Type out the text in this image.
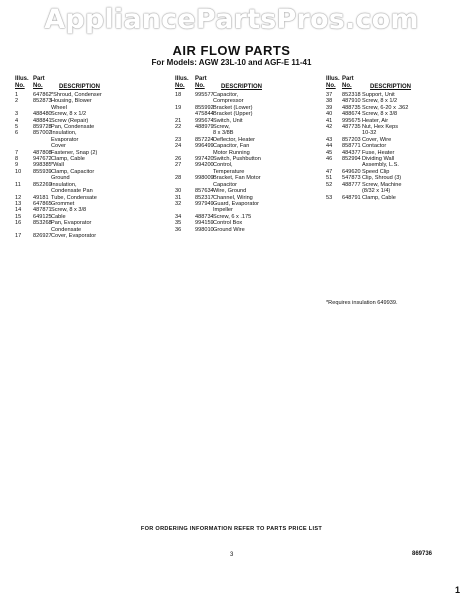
AppliancePartsPros.com
AIR FLOW PARTS
For Models: AGW 23L-10 and AGF-E 11-41
Illus.
No.
Part
No.	DESCRIPTION
1	647862 *Shroud, Condenser
2	852873 Housing, Blower
Wheel
3	488480 Screw, 8 x 1/2
4	488841 Screw (Repair)
5	859728 Pan, Condensate
6	857002 Insulation,
Evaporator
Cover
7	487808 Fastener, Snap (2)
8	947672 Clamp, Cable
9	998385 *Wall
10 855939 Clamp, Capacitor
Ground
11 852269 Insulation,
Condensate Pan
12 49181 Tube, Condensate
13 647865 Grommet
14 487871 Screw, 8 x 3/8
15 649125 Cable
16 853268 Pan, Evaporator
Condensate
17 826927 Cover, Evaporator
Illus.
No.
Part
No.	DESCRIPTION
18 995577 Capacitor,
Compressor
19 855992 Bracket (Lower)
475844 Bracket (Upper)
21 995674 Switch, Unit
22 488979 Screw,
8 x 3/8B
23 857224 Deflector, Heater
24 996499 Capacitor, Fan
Motor Running
26 997420 Switch, Pushbutton
27 994200 Control,
Temperature
28 998009 Bracket, Fan Motor
Capacitor
30 857634 Wire, Ground
31 852317 Channel, Wiring
32 997949 Guard, Evaporator
Impeller
34 488734 Screw, 6 x .175
35 994159 Control Box
36 998010 Ground Wire
Illus.
No.
Part
No.	DESCRIPTION
37 852318 Support, Unit
38 487910 Screw, 8 x 1/2
39 488735 Screw, 6-20 x .362
40 488674 Screw, 8 x 3/8
41 995675 Heater, Air
42 487735 Nut, Hex Keps
10-32
43 857203 Cover, Wire
44 858771 Contactor
45 484377 Fuse, Heater
46 852994 Dividing Wall
Assembly, L.S.
47 649620 Speed Clip
51 547873 Clip, Shroud (3)
52 488777 Screw, Machine
(8/32 x 1/4)
53 648791 Clamp, Cable
*Requires insulation 649939.
FOR ORDERING INFORMATION REFER TO PARTS PRICE LIST
3	869736
1
